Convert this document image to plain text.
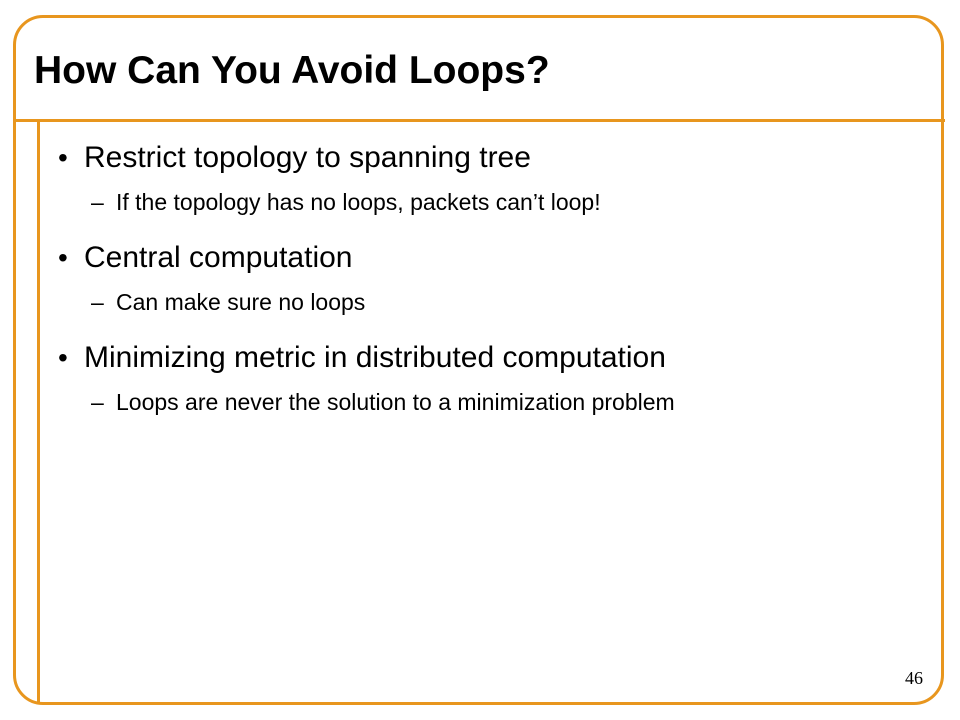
How Can You Avoid Loops?
• Restrict topology to spanning tree
– If the topology has no loops, packets can’t loop!
• Central computation
– Can make sure no loops
• Minimizing metric in distributed computation
– Loops are never the solution to a minimization problem
46
